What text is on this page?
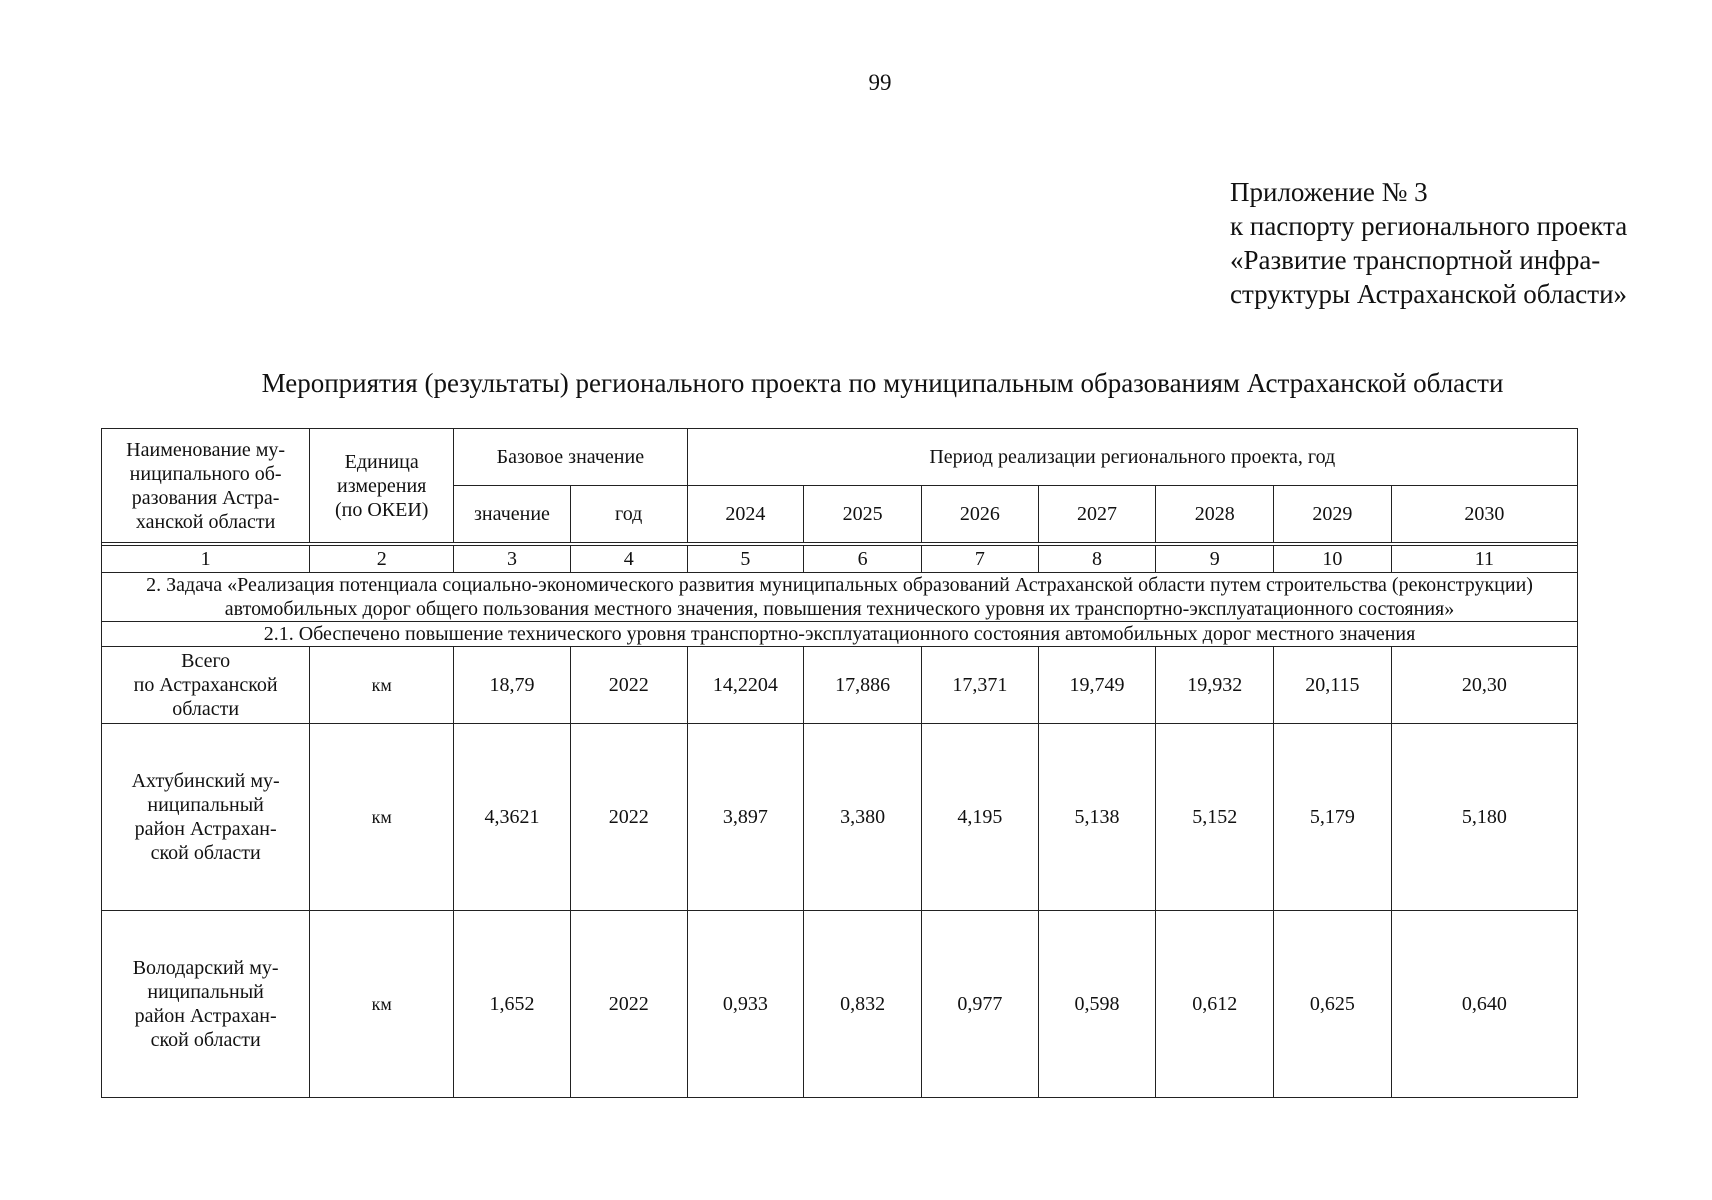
99
Приложение № 3
к паспорту регионального проекта
«Развитие транспортной инфра-
структуры Астраханской области»
Мероприятия (результаты) регионального проекта по муниципальным образованиям Астраханской области
Наименование му-
ниципального об-
разования Астра-
ханской области	Единица
измерения
(по ОКЕИ)	Базовое значение		Период реализации регионального проекта, год						
		значение	год	2024	2025	2026	2027	2028	2029	2030

1	2	3	4	5	6	7	8	9	10	11
2. Задача «Реализация потенциала социально-экономического развития муниципальных образований Астраханской области путем строительства (реконструкции) автомобильных дорог общего пользования местного значения, повышения технического уровня их транспортно-эксплуатационного состояния»										
2.1. Обеспечено повышение технического уровня транспортно-эксплуатационного состояния автомобильных дорог местного значения										
Всего
по Астраханской
области	км	18,79	2022	14,2204	17,886	17,371	19,749	19,932	20,115	20,30
Ахтубинский му-
ниципальный
район Астрахан-
ской области	км	4,3621	2022	3,897	3,380	4,195	5,138	5,152	5,179	5,180
Володарский му-
ниципальный
район Астрахан-
ской области	км	1,652	2022	0,933	0,832	0,977	0,598	0,612	0,625	0,640
